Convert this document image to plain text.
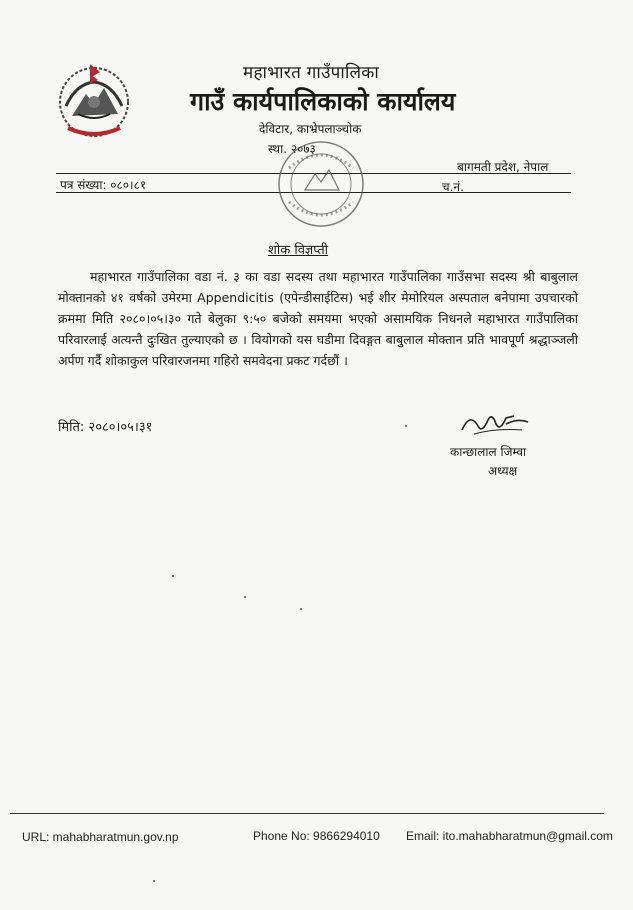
महाभारत गाउँपालिका
गाउँ कार्यपालिकाको कार्यालय
देविटार, काभ्रेपलाञ्चोक
स्था. २०७३
बागमती प्रदेश, नेपाल
पत्र संख्या: ०८०।८१	च.नं.
शोक विज्ञप्ती
महाभारत गाउँपालिका वडा नं. ३ का वडा सदस्य तथा महाभारत गाउँपालिका गाउँसभा सदस्य श्री बाबुलाल मोक्तानको ४१ वर्षको उमेरमा Appendicitis (एपेन्डीसाईटिस) भई शीर मेमोरियल अस्पताल बनेपामा उपचारको क्रममा मिति २०८०।०५।३० गते बेलुका ९:५० बजेको समयमा भएको असामयिक निधनले महाभारत गाउँपालिका परिवारलाई अत्यन्तै दुःखित तुल्याएको छ । वियोगको यस घडीमा दिवङ्गत बाबुलाल मोक्तान प्रति भावपूर्ण श्रद्धाञ्जली अर्पण गर्दै शोकाकुल परिवारजनमा गहिरो समवेदना प्रकट गर्दछौं ।
मिति: २०८०।०५।३१
कान्छालाल जिम्वा
अध्यक्ष
URL: mahabharatmun.gov.np	Phone No: 9866294010 Email: ito.mahabharatmun@gmail.com
